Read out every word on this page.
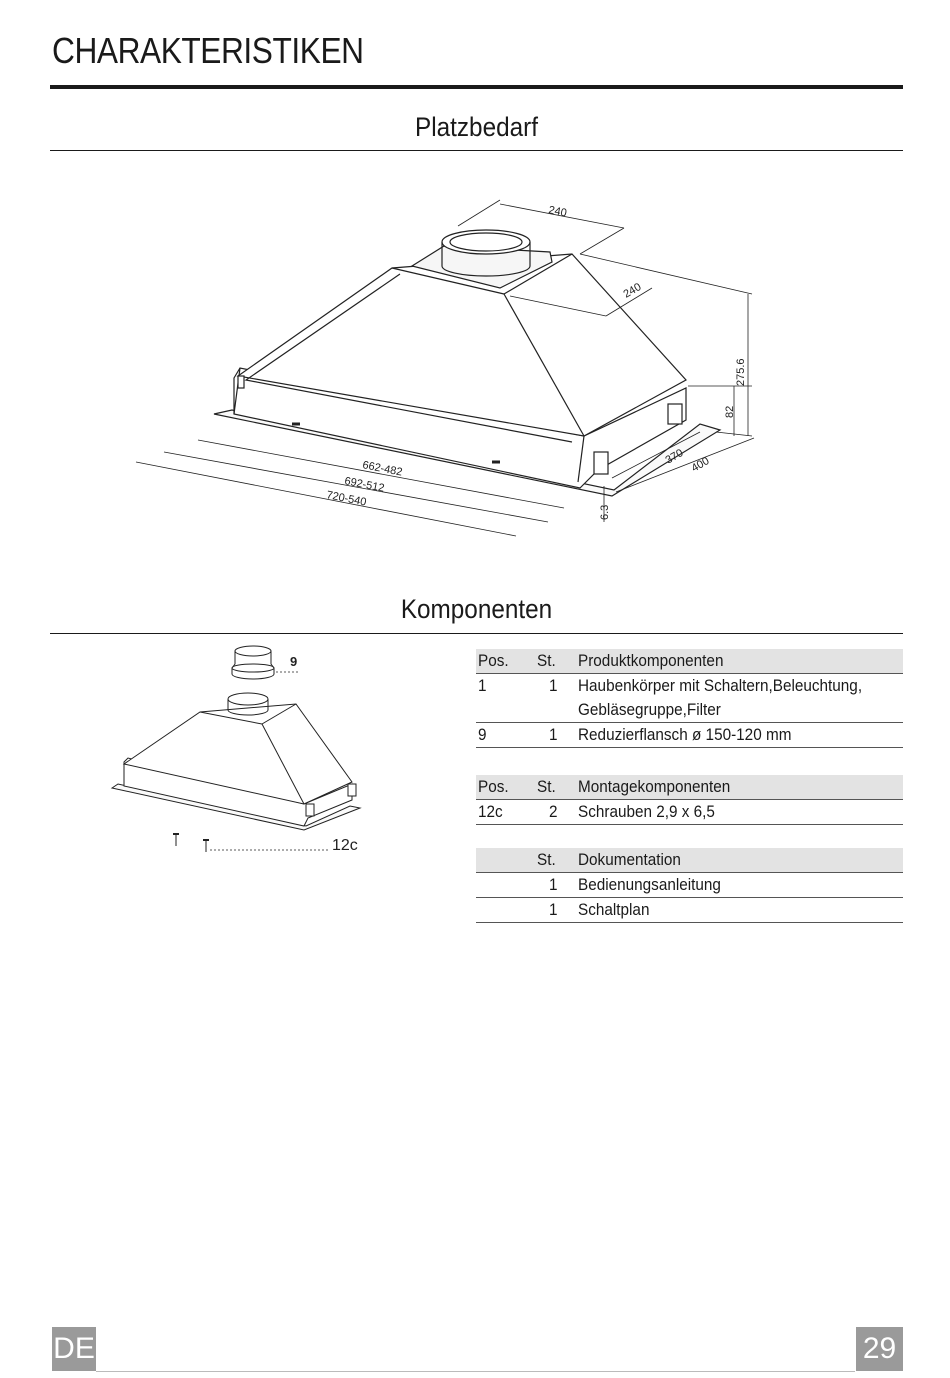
CHARAKTERISTIKEN
Platzbedarf
240
240
275.6
82
6.3
370 400
662-482
692-512
720-540
Komponenten
9
12c
Pos.	St.	Produktkomponenten
1	1	Haubenkörper mit Schaltern,Beleuchtung,
		Gebläsegruppe,Filter
9	1	Reduzierflansch ø 150-120 mm
Pos.	St.	Montagekomponenten
12c	2	Schrauben 2,9 x 6,5

	St.	Dokumentation
	1	Bedienungsanleitung
	1	Schaltplan
DE	29
